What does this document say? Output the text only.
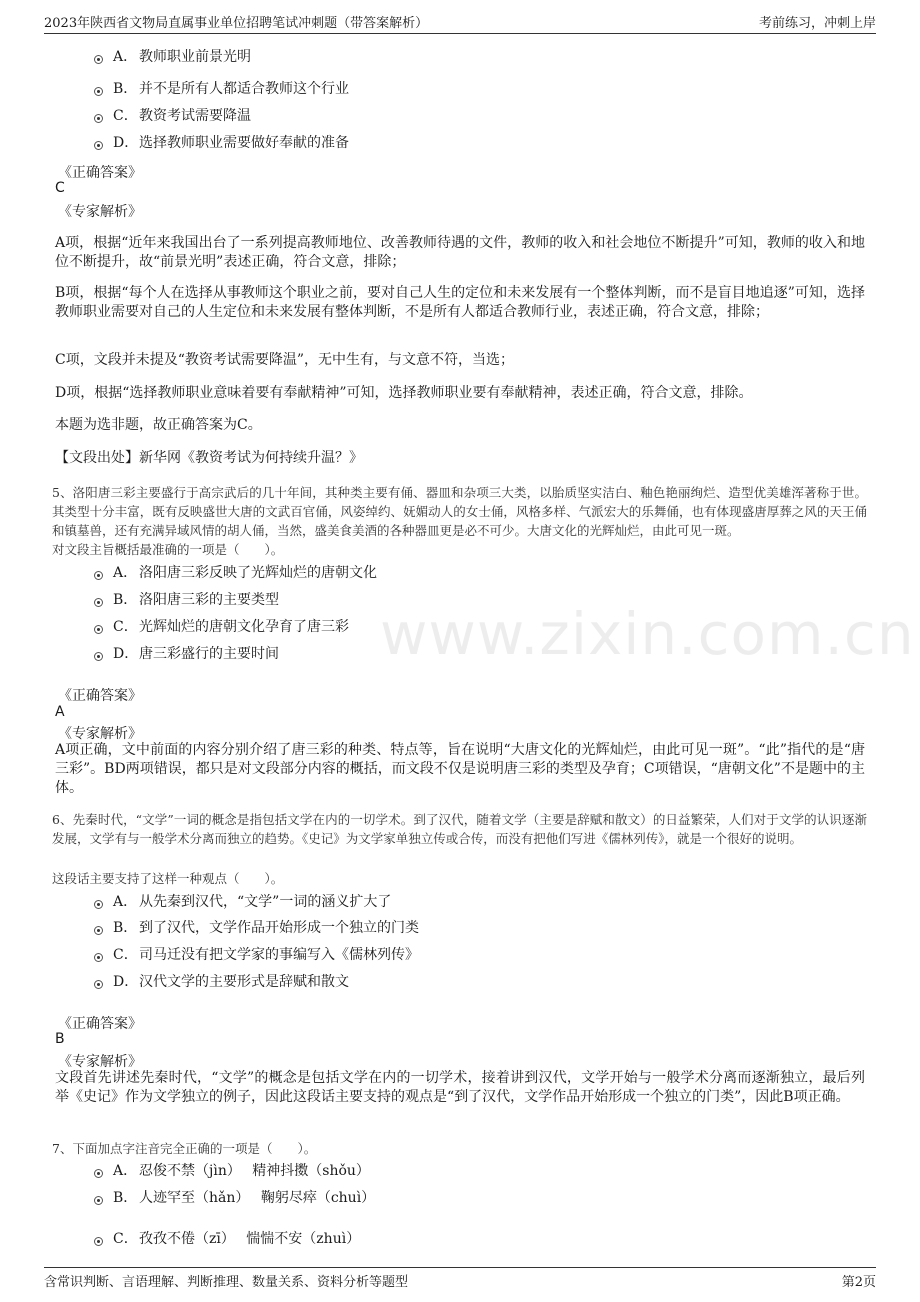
2023年陕西省文物局直属事业单位招聘笔试冲刺题（带答案解析）	考前练习，冲刺上岸
www.zixin.com.cn
A． 教师职业前景光明
B． 并不是所有人都适合教师这个行业
C． 教资考试需要降温
D． 选择教师职业需要做好奉献的准备
《正确答案》
C
《专家解析》
A项，根据“近年来我国出台了一系列提高教师地位、改善教师待遇的文件，教师的收入和社会地位不断提升”可知，教师的收入和地位不断提升，故“前景光明”表述正确，符合文意，排除；
B项，根据“每个人在选择从事教师这个职业之前，要对自己人生的定位和未来发展有一个整体判断，而不是盲目地追逐”可知，选择教师职业需要对自己的人生定位和未来发展有整体判断，不是所有人都适合教师行业，表述正确，符合文意，排除；
C项，文段并未提及“教资考试需要降温”，无中生有，与文意不符，当选；
D项，根据“选择教师职业意味着要有奉献精神”可知，选择教师职业要有奉献精神，表述正确，符合文意，排除。
本题为选非题，故正确答案为C。
【文段出处】新华网《教资考试为何持续升温？》
5、洛阳唐三彩主要盛行于高宗武后的几十年间，其种类主要有俑、器皿和杂项三大类，以胎质坚实洁白、釉色艳丽绚烂、造型优美雄浑著称于世。其类型十分丰富，既有反映盛世大唐的文武百官俑，风姿绰约、妩媚动人的女士俑，风格多样、气派宏大的乐舞俑，也有体现盛唐厚葬之风的天王俑和镇墓兽，还有充满异域风情的胡人俑，当然，盛美食美酒的各种器皿更是必不可少。大唐文化的光辉灿烂，由此可见一斑。
对文段主旨概括最准确的一项是（　　）。
A． 洛阳唐三彩反映了光辉灿烂的唐朝文化
B． 洛阳唐三彩的主要类型
C． 光辉灿烂的唐朝文化孕育了唐三彩
D． 唐三彩盛行的主要时间
《正确答案》
A
《专家解析》
A项正确，文中前面的内容分别介绍了唐三彩的种类、特点等，旨在说明“大唐文化的光辉灿烂，由此可见一斑”。“此”指代的是“唐三彩”。BD两项错误，都只是对文段部分内容的概括，而文段不仅是说明唐三彩的类型及孕育；C项错误，“唐朝文化”不是题中的主体。
6、先秦时代，“文学”一词的概念是指包括文学在内的一切学术。到了汉代，随着文学（主要是辞赋和散文）的日益繁荣，人们对于文学的认识逐渐发展，文学有与一般学术分离而独立的趋势。《史记》为文学家单独立传或合传，而没有把他们写进《儒林列传》，就是一个很好的说明。
这段话主要支持了这样一种观点（　　）。
A． 从先秦到汉代，“文学”一词的涵义扩大了
B． 到了汉代，文学作品开始形成一个独立的门类
C． 司马迁没有把文学家的事编写入《儒林列传》
D． 汉代文学的主要形式是辞赋和散文
《正确答案》
B
《专家解析》
文段首先讲述先秦时代，“文学”的概念是包括文学在内的一切学术，接着讲到汉代，文学开始与一般学术分离而逐渐独立，最后列举《史记》作为文学独立的例子，因此这段话主要支持的观点是“到了汉代，文学作品开始形成一个独立的门类”，因此B项正确。
7、下面加点字注音完全正确的一项是（　　）。
A． 忍俊不禁（jìn）　 精神抖擞（shǒu）
B． 人迹罕至（hǎn）　 鞠躬尽瘁（chuì）
C． 孜孜不倦（zī）　 惴惴不安（zhuì）
含常识判断、言语理解、判断推理、数量关系、资料分析等题型	第2页
